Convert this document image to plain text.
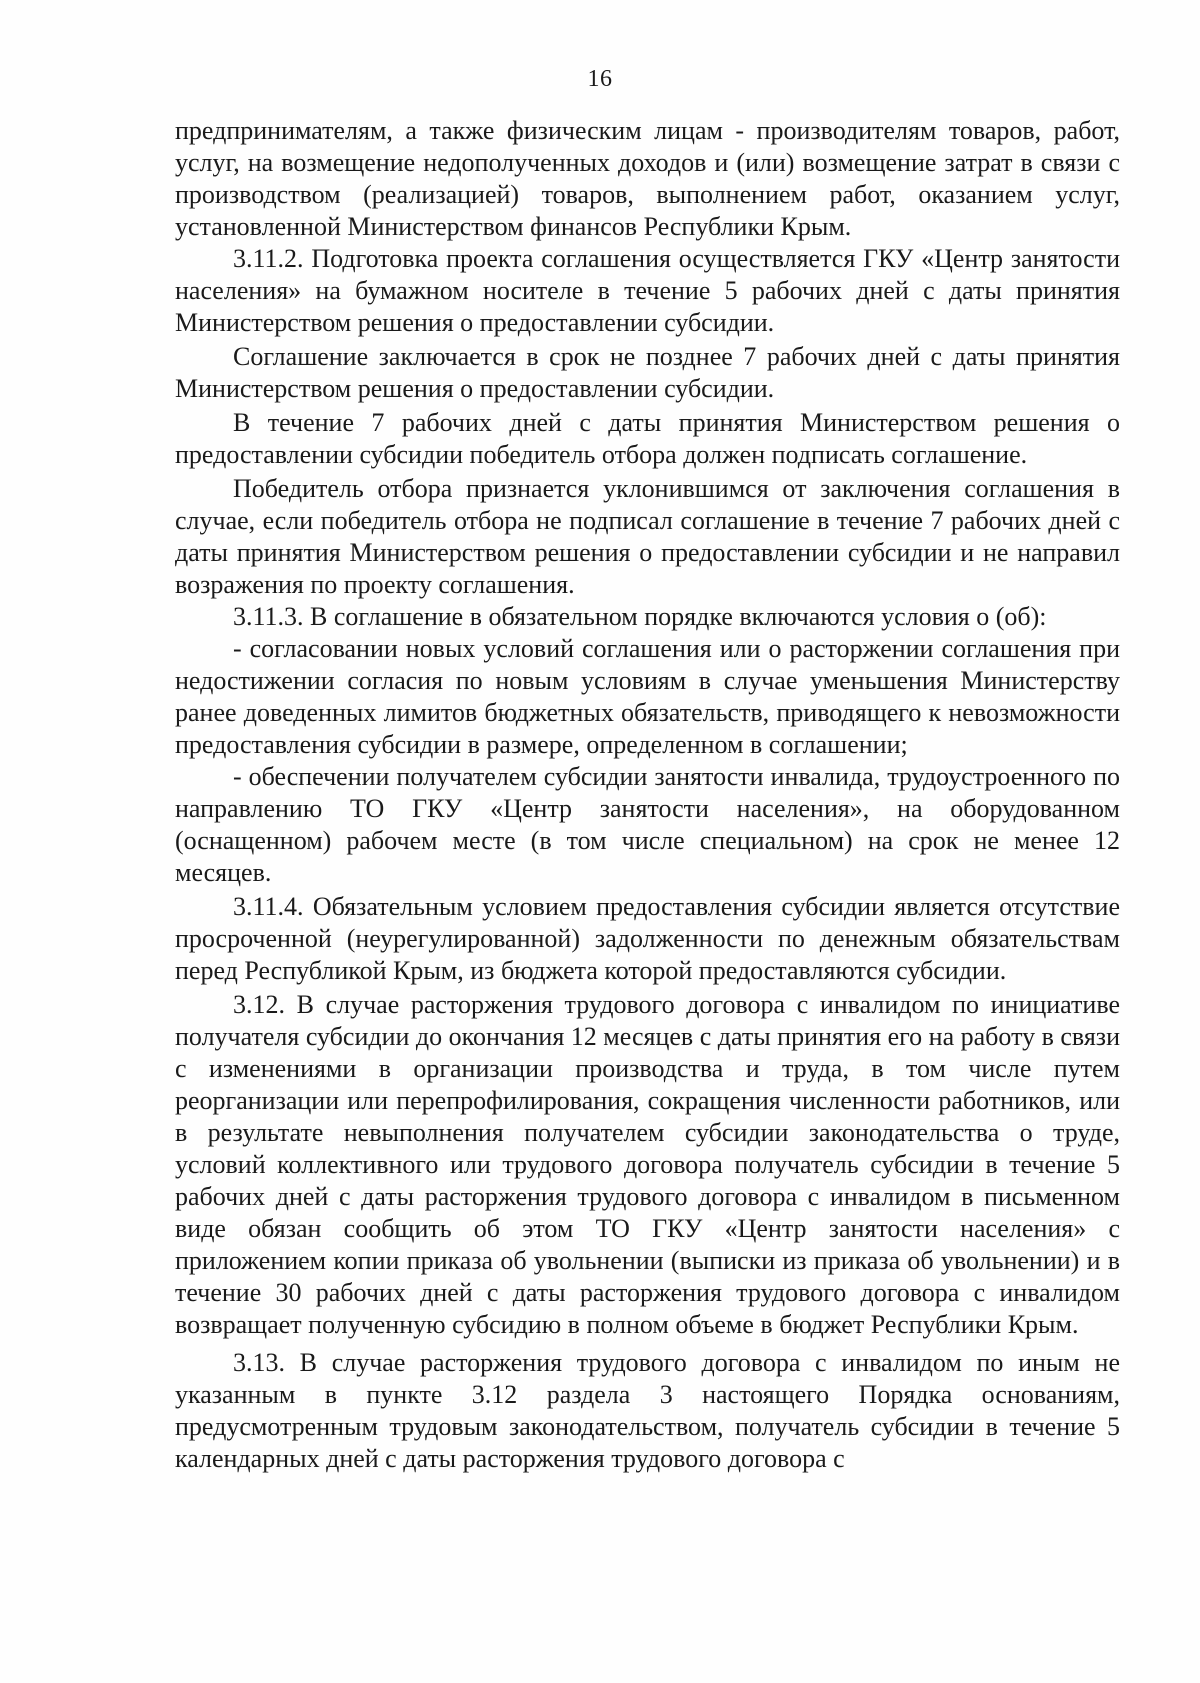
16

предпринимателям, а также физическим лицам - производителям товаров, работ, услуг, на возмещение недополученных доходов и (или) возмещение затрат в связи с производством (реализацией) товаров, выполнением работ, оказанием услуг, установленной Министерством финансов Республики Крым.

3.11.2. Подготовка проекта соглашения осуществляется ГКУ «Центр занятости населения» на бумажном носителе в течение 5 рабочих дней с даты принятия Министерством решения о предоставлении субсидии.

Соглашение заключается в срок не позднее 7 рабочих дней с даты принятия Министерством решения о предоставлении субсидии.

В течение 7 рабочих дней с даты принятия Министерством решения о предоставлении субсидии победитель отбора должен подписать соглашение.

Победитель отбора признается уклонившимся от заключения соглашения в случае, если победитель отбора не подписал соглашение в течение 7 рабочих дней с даты принятия Министерством решения о предоставлении субсидии и не направил возражения по проекту соглашения.

3.11.3. В соглашение в обязательном порядке включаются условия о (об):

- согласовании новых условий соглашения или о расторжении соглашения при недостижении согласия по новым условиям в случае уменьшения Министерству ранее доведенных лимитов бюджетных обязательств, приводящего к невозможности предоставления субсидии в размере, определенном в соглашении;

- обеспечении получателем субсидии занятости инвалида, трудоустроенного по направлению ТО ГКУ «Центр занятости населения», на оборудованном (оснащенном) рабочем месте (в том числе специальном) на срок не менее 12 месяцев.

3.11.4. Обязательным условием предоставления субсидии является отсутствие просроченной (неурегулированной) задолженности по денежным обязательствам перед Республикой Крым, из бюджета которой предоставляются субсидии.

3.12. В случае расторжения трудового договора с инвалидом по инициативе получателя субсидии до окончания 12 месяцев с даты принятия его на работу в связи с изменениями в организации производства и труда, в том числе путем реорганизации или перепрофилирования, сокращения численности работников, или в результате невыполнения получателем субсидии законодательства о труде, условий коллективного или трудового договора получатель субсидии в течение 5 рабочих дней с даты расторжения трудового договора с инвалидом в письменном виде обязан сообщить об этом ТО ГКУ «Центр занятости населения» с приложением копии приказа об увольнении (выписки из приказа об увольнении) и в течение 30 рабочих дней с даты расторжения трудового договора с инвалидом возвращает полученную субсидию в полном объеме в бюджет Республики Крым.

3.13. В случае расторжения трудового договора с инвалидом по иным не указанным в пункте 3.12 раздела 3 настоящего Порядка основаниям, предусмотренным трудовым законодательством, получатель субсидии в течение 5 календарных дней с даты расторжения трудового договора с
